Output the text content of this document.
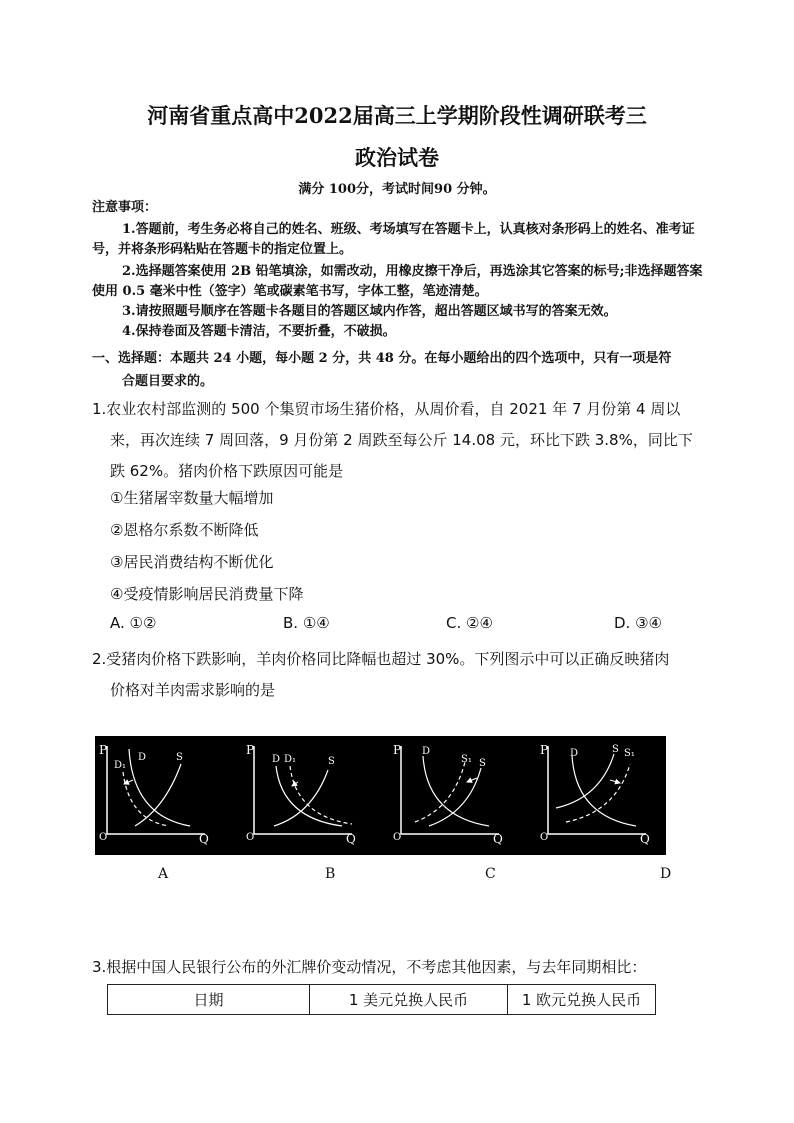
河南省重点高中2022届高三上学期阶段性调研联考三
政治试卷
满分 100分，考试时间90 分钟。
注意事项：
1.答题前，考生务必将自己的姓名、班级、考场填写在答题卡上，认真核对条形码上的姓名、准考证号，并将条形码粘贴在答题卡的指定位置上。
2.选择题答案使用 2B 铅笔填涂，如需改动，用橡皮擦干净后，再选涂其它答案的标号;非选择题答案使用 0.5 毫米中性（签字）笔或碳素笔书写，字体工整，笔迹清楚。
3.请按照题号顺序在答题卡各题目的答题区域内作答，超出答题区域书写的答案无效。
4.保持卷面及答题卡清洁，不要折叠，不破损。
一、选择题：本题共 24 小题，每小题 2 分，共 48 分。在每小题给出的四个选项中，只有一项是符
合题目要求的。
1.农业农村部监测的 500 个集贸市场生猪价格，从周价看，自 2021 年 7 月份第 4 周以
来，再次连续 7 周回落，9 月份第 2 周跌至每公斤 14.08 元，环比下跌 3.8%，同比下
跌 62%。猪肉价格下跌原因可能是
①生猪屠宰数量大幅增加
②恩格尔系数不断降低
③居民消费结构不断优化
④受疫情影响居民消费量下降
A. ①②	B. ①④	C. ②④	D. ③④
2.受猪肉价格下跌影响，羊肉价格同比降幅也超过 30%。下列图示中可以正确反映猪肉
价格对羊肉需求影响的是
P
O	Q
D₁
D	S
P
O	Q
D D₁	S
P
O	Q
D
S₁ S
P
O	Q
D	S S₁
A	B	C	D
3.根据中国人民银行公布的外汇牌价变动情况，不考虑其他因素，与去年同期相比：
日期	1 美元兑换人民币	1 欧元兑换人民币
